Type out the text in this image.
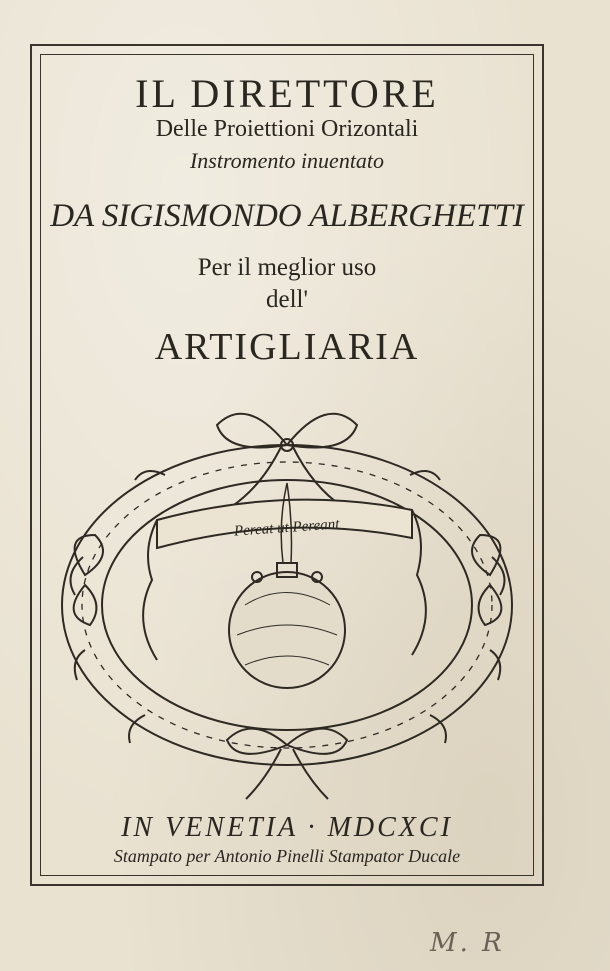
IL DIRETTORE
Delle Proiettioni Orizontali
Instromento inuentato
DA SIGISMONDO ALBERGHETTI
Per il meglior uso
dell'
ARTIGLIARIA
Pereat ut Pereant
IN VENETIA · MDCXCI
Stampato per Antonio Pinelli Stampator Ducale
M. R
